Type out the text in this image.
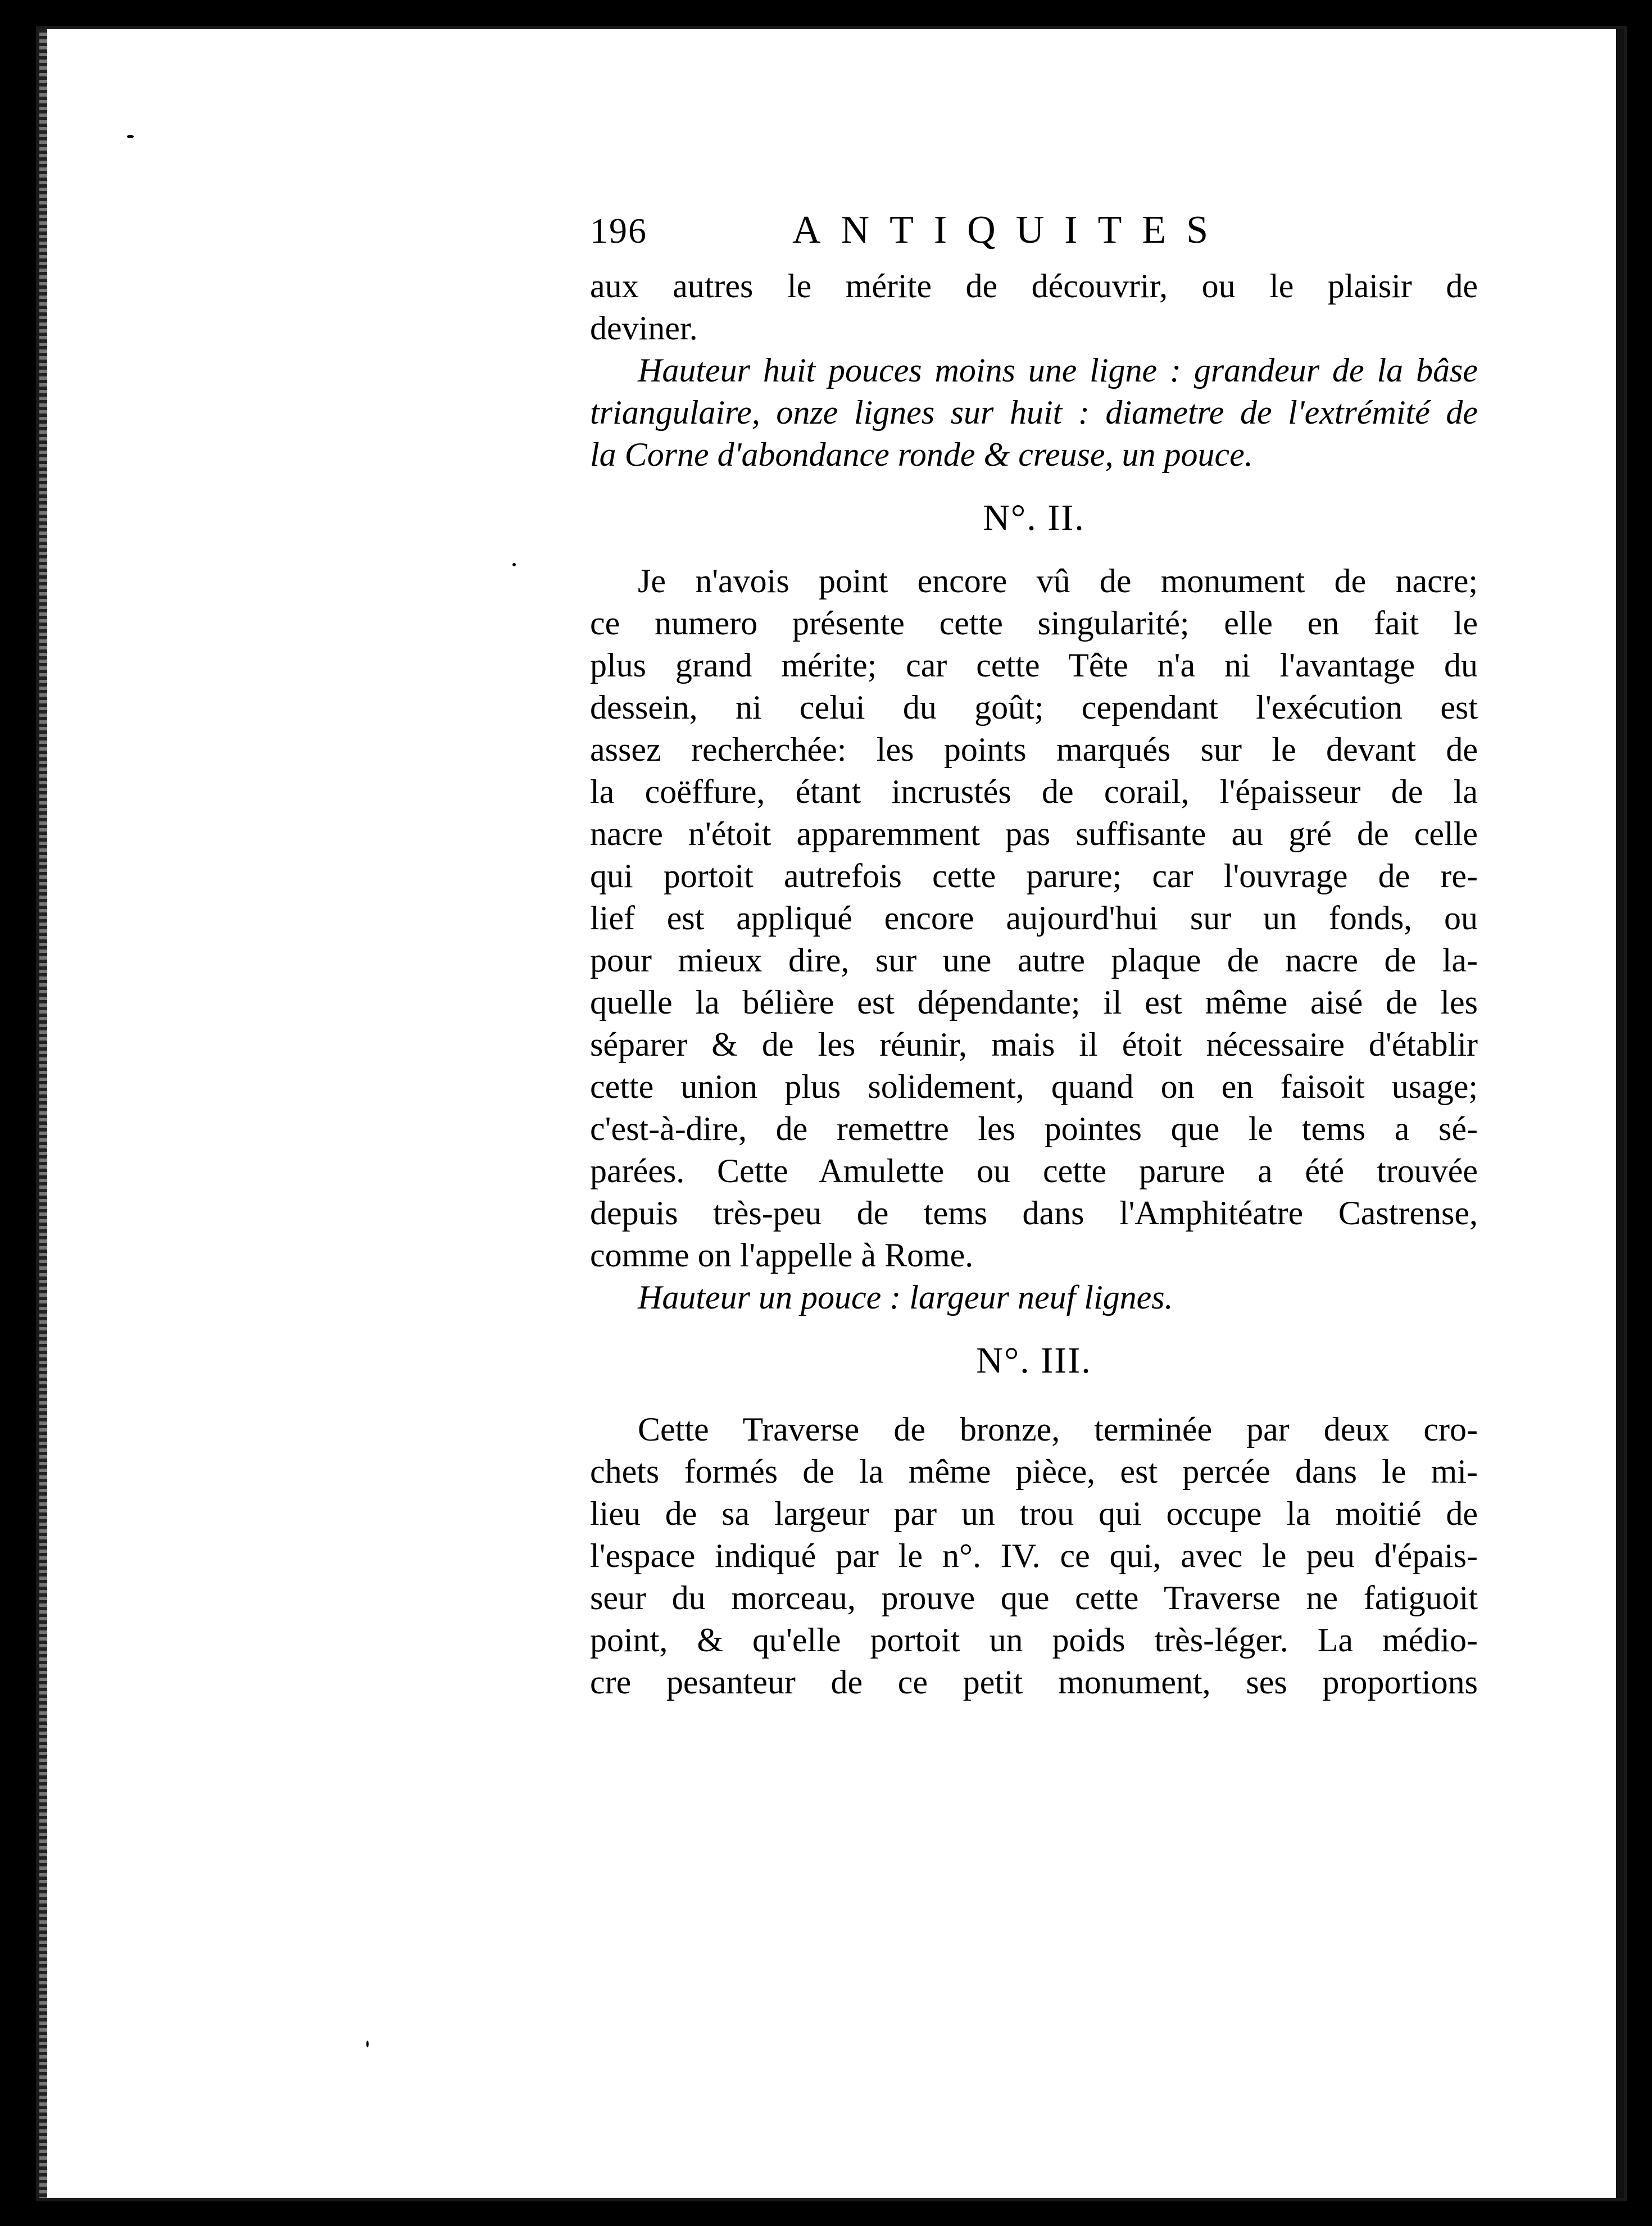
196	ANTIQUITES
aux autres le mérite de découvrir, ou le plaisir de
deviner.
Hauteur huit pouces moins une ligne : grandeur de la bâse
triangulaire, onze lignes sur huit : diametre de l'extrémité de
la Corne d'abondance ronde & creuse, un pouce.
N°. II.
Je n'avois point encore vû de monument de nacre;
ce numero présente cette singularité; elle en fait le
plus grand mérite; car cette Tête n'a ni l'avantage du
dessein, ni celui du goût; cependant l'exécution est
assez recherchée: les points marqués sur le devant de
la coëffure, étant incrustés de corail, l'épaisseur de la
nacre n'étoit apparemment pas suffisante au gré de celle
qui portoit autrefois cette parure; car l'ouvrage de re-
lief est appliqué encore aujourd'hui sur un fonds, ou
pour mieux dire, sur une autre plaque de nacre de la-
quelle la bélière est dépendante; il est même aisé de les
séparer & de les réunir, mais il étoit nécessaire d'établir
cette union plus solidement, quand on en faisoit usage;
c'est-à-dire, de remettre les pointes que le tems a sé-
parées. Cette Amulette ou cette parure a été trouvée
depuis très-peu de tems dans l'Amphitéatre Castrense,
comme on l'appelle à Rome.
Hauteur un pouce : largeur neuf lignes.
N°. III.
Cette Traverse de bronze, terminée par deux cro-
chets formés de la même pièce, est percée dans le mi-
lieu de sa largeur par un trou qui occupe la moitié de
l'espace indiqué par le n°. IV. ce qui, avec le peu d'épais-
seur du morceau, prouve que cette Traverse ne fatiguoit
point, & qu'elle portoit un poids très-léger. La médio-
cre pesanteur de ce petit monument, ses proportions
